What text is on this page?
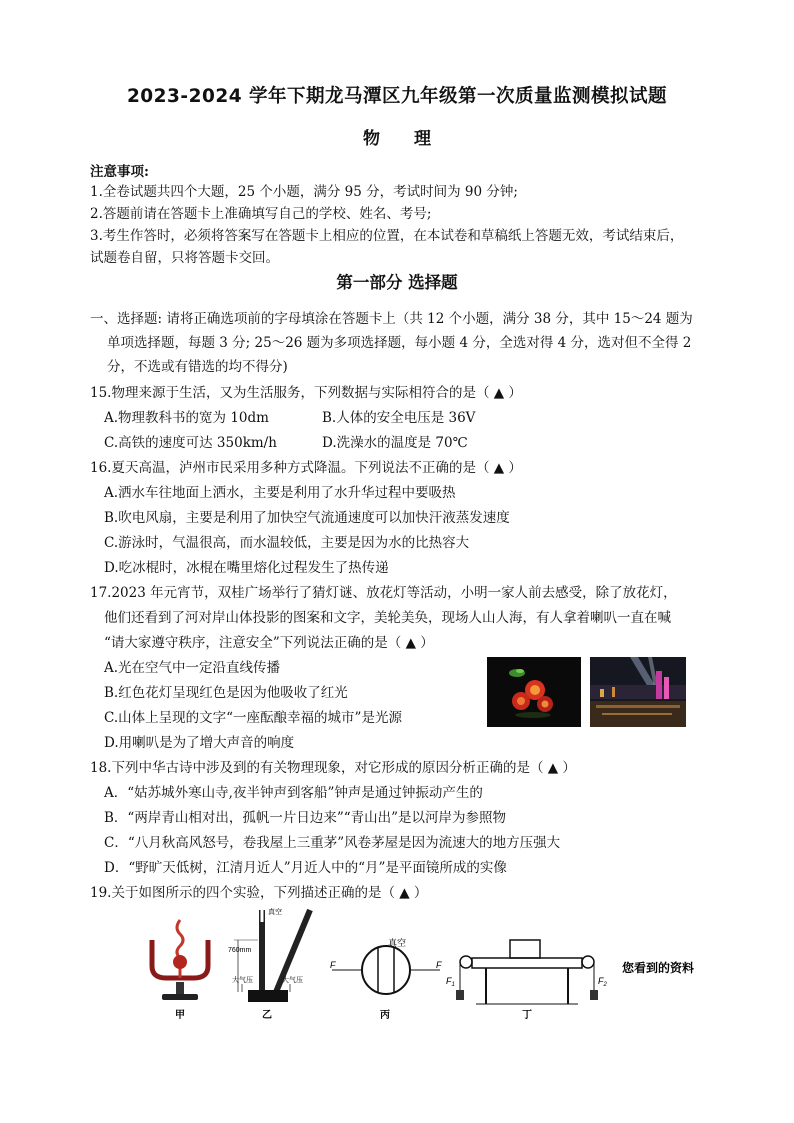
2023-2024 学年下期龙马潭区九年级第一次质量监测模拟试题
物 理
注意事项:
1.全卷试题共四个大题，25 个小题，满分 95 分，考试时间为 90 分钟;
2.答题前请在答题卡上准确填写自己的学校、姓名、考号;
3.考生作答时，必须将答案写在答题卡上相应的位置，在本试卷和草稿纸上答题无效，考试结束后，
试题卷自留，只将答题卡交回。
第一部分 选择题
一、选择题: 请将正确选项前的字母填涂在答题卡上（共 12 个小题，满分 38 分，其中 15～24 题为
单项选择题，每题 3 分; 25～26 题为多项选择题，每小题 4 分，全选对得 4 分，选对但不全得 2
分，不选或有错选的均不得分)
15.物理来源于生活，又为生活服务，下列数据与实际相符合的是（ ▲ ）
A.物理教科书的宽为 10dm	B.人体的安全电压是 36V
C.高铁的速度可达 350km/h	D.洗澡水的温度是 70℃
16.夏天高温，泸州市民采用多种方式降温。下列说法不正确的是（ ▲ ）
A.洒水车往地面上洒水，主要是利用了水升华过程中要吸热
B.吹电风扇，主要是利用了加快空气流通速度可以加快汗液蒸发速度
C.游泳时，气温很高，而水温较低，主要是因为水的比热容大
D.吃冰棍时，冰棍在嘴里熔化过程发生了热传递
17.2023 年元宵节，双桂广场举行了猜灯谜、放花灯等活动，小明一家人前去感受，除了放花灯，
他们还看到了河对岸山体投影的图案和文字，美轮美奂，现场人山人海，有人拿着喇叭一直在喊
“请大家遵守秩序，注意安全”下列说法正确的是（ ▲ ）
A.光在空气中一定沿直线传播
B.红色花灯呈现红色是因为他吸收了红光
C.山体上呈现的文字“一座酝酿幸福的城市”是光源
D.用喇叭是为了增大声音的响度
18.下列中华古诗中涉及到的有关物理现象，对它形成的原因分析正确的是（ ▲ ）
A．“姑苏城外寒山寺,夜半钟声到客船”钟声是通过钟振动产生的
B．“两岸青山相对出，孤帆一片日边来”“青山出”是以河岸为参照物
C．“八月秋高风怒号，卷我屋上三重茅”风卷茅屋是因为流速大的地方压强大
D．“野旷天低树，江清月近人”月近人中的“月”是平面镜所成的实像
19.关于如图所示的四个实验，下列描述正确的是（ ▲ ）
甲
真空
760mm
大气压	大气压
乙
F	F
真空
丙
$F_1$	$F_2$
丁
您看到的资料
